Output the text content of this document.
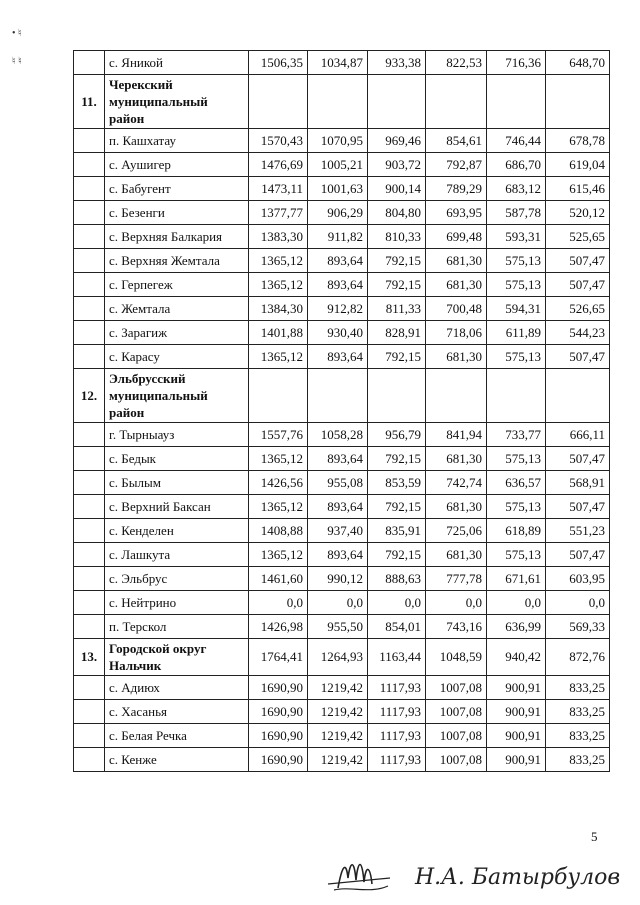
• ♮
♮ ♮
		с. Яникой	1506,35	1034,87	933,38	822,53	716,36	648,70
11.	Черекский муниципальный район						
	п. Кашхатау	1570,43	1070,95	969,46	854,61	746,44	678,78
	с. Аушигер	1476,69	1005,21	903,72	792,87	686,70	619,04
	с. Бабугент	1473,11	1001,63	900,14	789,29	683,12	615,46
	с. Безенги	1377,77	906,29	804,80	693,95	587,78	520,12
	с. Верхняя Балкария	1383,30	911,82	810,33	699,48	593,31	525,65
	с. Верхняя Жемтала	1365,12	893,64	792,15	681,30	575,13	507,47
	с. Герпегеж	1365,12	893,64	792,15	681,30	575,13	507,47
	с. Жемтала	1384,30	912,82	811,33	700,48	594,31	526,65
	с. Зарагиж	1401,88	930,40	828,91	718,06	611,89	544,23
	с. Карасу	1365,12	893,64	792,15	681,30	575,13	507,47
12.	Эльбрусский муниципальный район						
	г. Тырныауз	1557,76	1058,28	956,79	841,94	733,77	666,11
	с. Бедык	1365,12	893,64	792,15	681,30	575,13	507,47
	с. Былым	1426,56	955,08	853,59	742,74	636,57	568,91
	с. Верхний Баксан	1365,12	893,64	792,15	681,30	575,13	507,47
	с. Кенделен	1408,88	937,40	835,91	725,06	618,89	551,23
	с. Лашкута	1365,12	893,64	792,15	681,30	575,13	507,47
	с. Эльбрус	1461,60	990,12	888,63	777,78	671,61	603,95
	с. Нейтрино	0,0	0,0	0,0	0,0	0,0	0,0
	п. Терскол	1426,98	955,50	854,01	743,16	636,99	569,33
13.	Городской округ Нальчик	1764,41	1264,93	1163,44	1048,59	940,42	872,76
	с. Адиюх	1690,90	1219,42	1117,93	1007,08	900,91	833,25
	с. Хасанья	1690,90	1219,42	1117,93	1007,08	900,91	833,25
	с. Белая Речка	1690,90	1219,42	1117,93	1007,08	900,91	833,25
	с. Кенже	1690,90	1219,42	1117,93	1007,08	900,91	833,25
5
Н.А. Батырбулов
